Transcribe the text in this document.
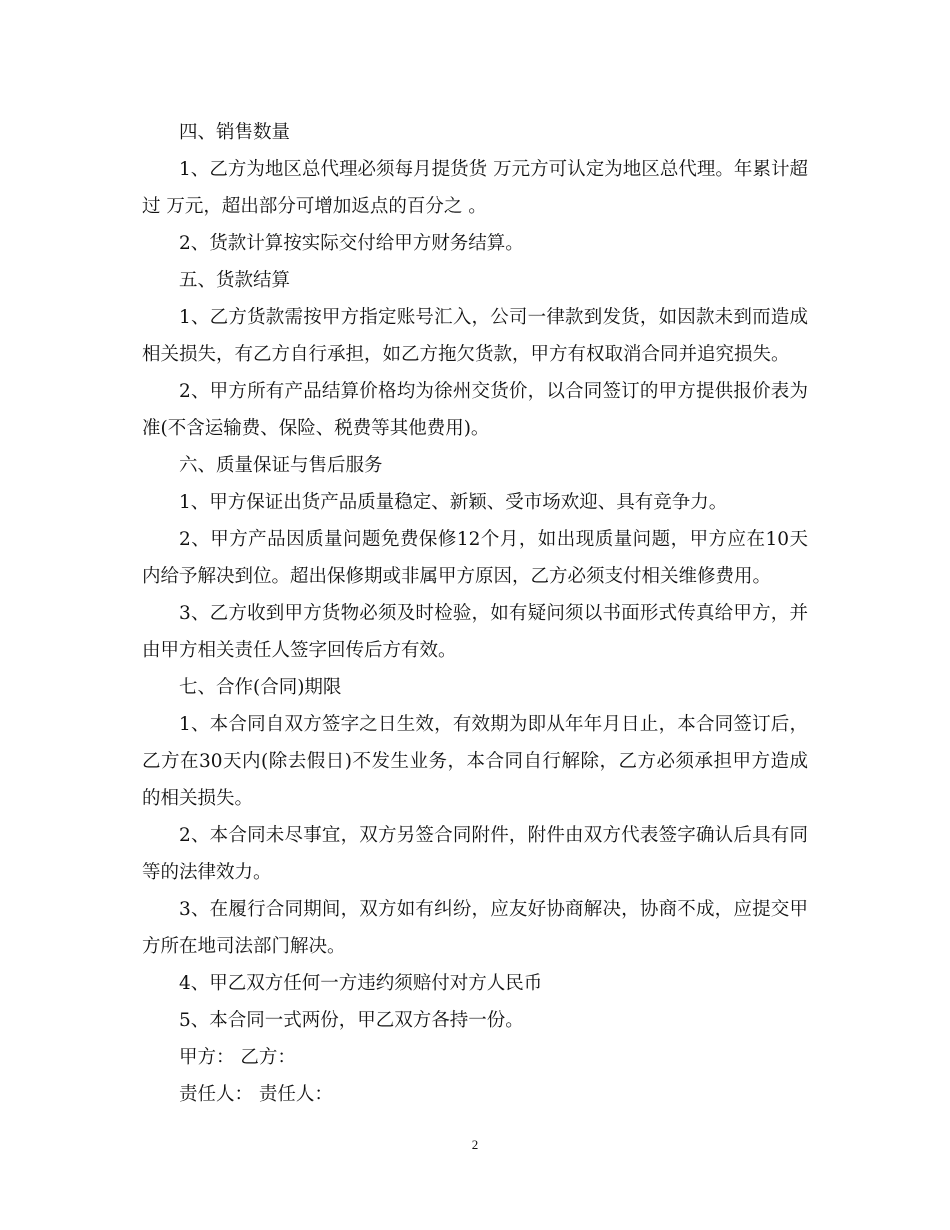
四、销售数量

1、乙方为地区总代理必须每月提货货 万元方可认定为地区总代理。年累计超过 万元，超出部分可增加返点的百分之 。

2、货款计算按实际交付给甲方财务结算。

五、货款结算

1、乙方货款需按甲方指定账号汇入，公司一律款到发货，如因款未到而造成相关损失，有乙方自行承担，如乙方拖欠货款，甲方有权取消合同并追究损失。

2、甲方所有产品结算价格均为徐州交货价，以合同签订的甲方提供报价表为准(不含运输费、保险、税费等其他费用)。

六、质量保证与售后服务

1、甲方保证出货产品质量稳定、新颖、受市场欢迎、具有竞争力。

2、甲方产品因质量问题免费保修12个月，如出现质量问题，甲方应在10天内给予解决到位。超出保修期或非属甲方原因，乙方必须支付相关维修费用。

3、乙方收到甲方货物必须及时检验，如有疑问须以书面形式传真给甲方，并由甲方相关责任人签字回传后方有效。

七、合作(合同)期限

1、本合同自双方签字之日生效，有效期为即从年年月日止，本合同签订后，乙方在30天内(除去假日)不发生业务，本合同自行解除，乙方必须承担甲方造成的相关损失。

2、本合同未尽事宜，双方另签合同附件，附件由双方代表签字确认后具有同等的法律效力。

3、在履行合同期间，双方如有纠纷，应友好协商解决，协商不成，应提交甲方所在地司法部门解决。

4、甲乙双方任何一方违约须赔付对方人民币

5、本合同一式两份，甲乙双方各持一份。

甲方： 乙方：

责任人： 责任人：

2
